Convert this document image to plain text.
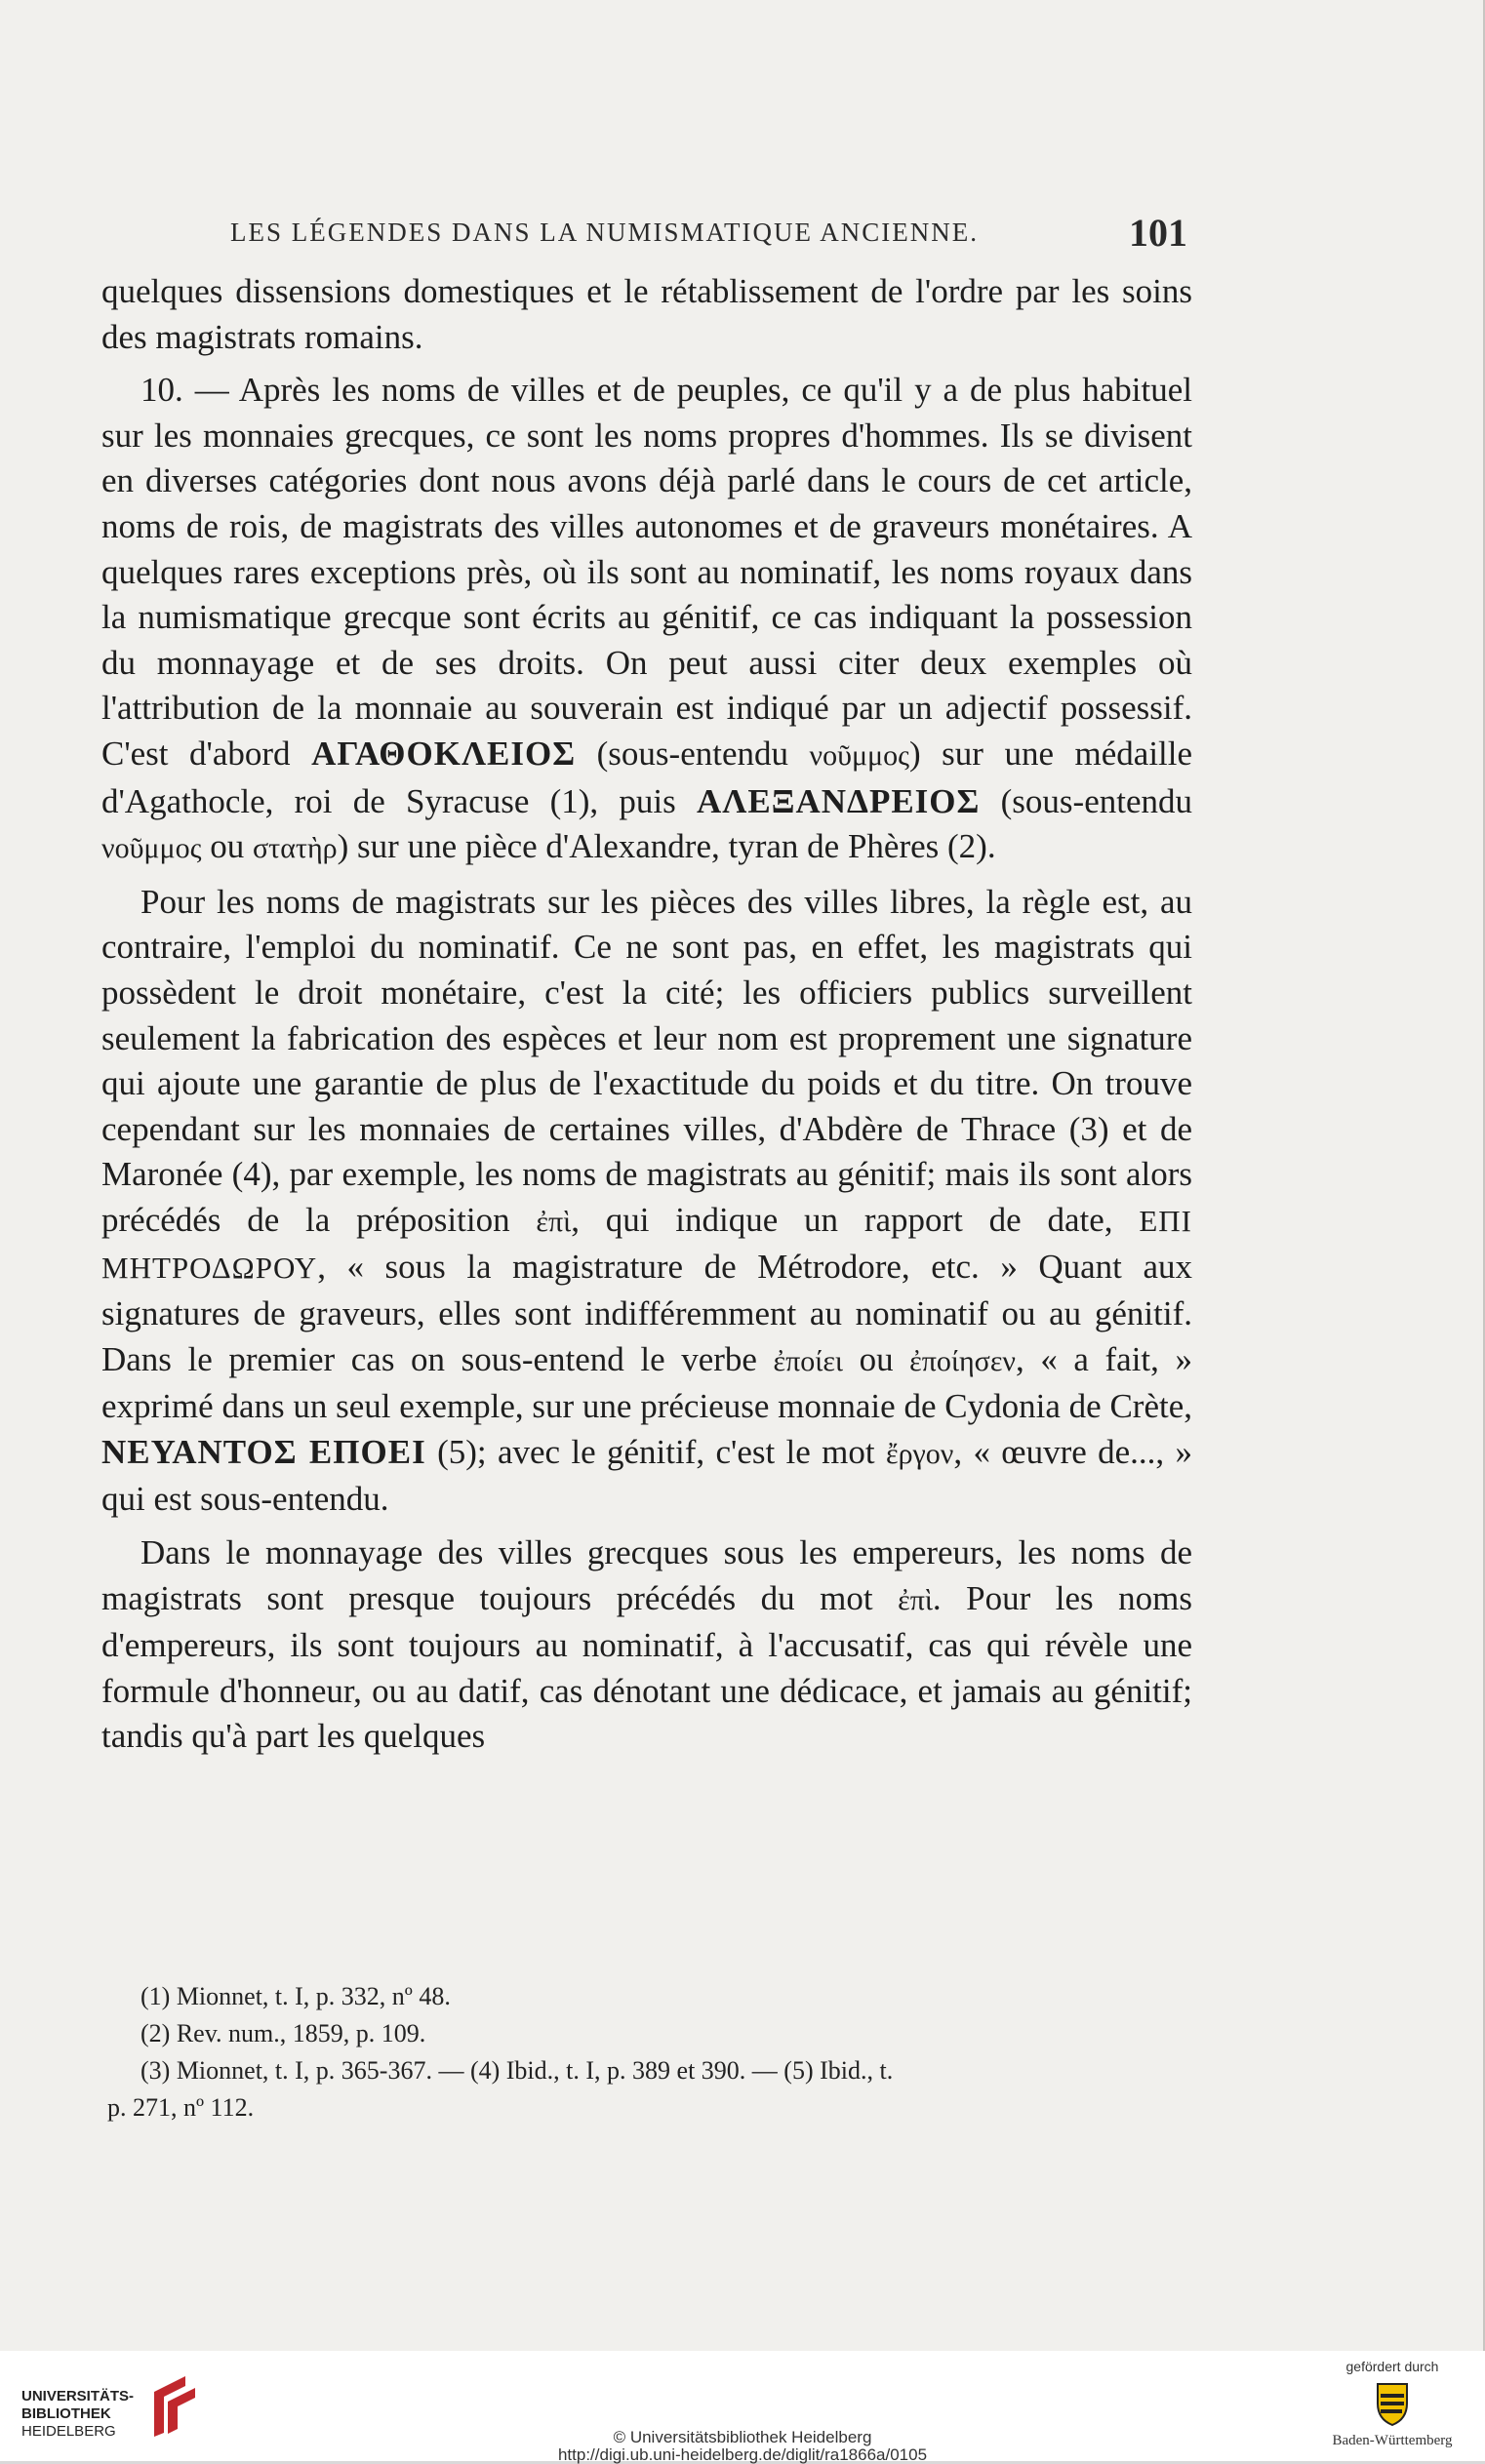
LES LÉGENDES DANS LA NUMISMATIQUE ANCIENNE.	101

quelques dissensions domestiques et le rétablissement de l'ordre par les soins des magistrats romains.

10. — Après les noms de villes et de peuples, ce qu'il y a de plus habituel sur les monnaies grecques, ce sont les noms propres d'hommes. Ils se divisent en diverses catégories dont nous avons déjà parlé dans le cours de cet article, noms de rois, de magistrats des villes autonomes et de graveurs monétaires. A quelques rares exceptions près, où ils sont au nominatif, les noms royaux dans la numismatique grecque sont écrits au génitif, ce cas indiquant la possession du monnayage et de ses droits. On peut aussi citer deux exemples où l'attribution de la monnaie au souverain est indiqué par un adjectif possessif. C'est d'abord ΑΓΑΘΟΚΛΕΙΟΣ (sous-entendu νοῦμμος) sur une médaille d'Agathocle, roi de Syracuse (1), puis ΑΛΕΞΑΝΔΡΕΙΟΣ (sous-entendu νοῦμμος ou στατὴρ) sur une pièce d'Alexandre, tyran de Phères (2).

Pour les noms de magistrats sur les pièces des villes libres, la règle est, au contraire, l'emploi du nominatif. Ce ne sont pas, en effet, les magistrats qui possèdent le droit monétaire, c'est la cité; les officiers publics surveillent seulement la fabrication des espèces et leur nom est proprement une signature qui ajoute une garantie de plus de l'exactitude du poids et du titre. On trouve cependant sur les monnaies de certaines villes, d'Abdère de Thrace (3) et de Maronée (4), par exemple, les noms de magistrats au génitif; mais ils sont alors précédés de la préposition ἐπὶ, qui indique un rapport de date, ΕΠΙ ΜΗΤΡΟΔΩΡΟΥ, « sous la magistrature de Métrodore, etc. » Quant aux signatures de graveurs, elles sont indifféremment au nominatif ou au génitif. Dans le premier cas on sous-entend le verbe ἐποίει ou ἐποίησεν, « a fait, » exprimé dans un seul exemple, sur une précieuse monnaie de Cydonia de Crète, ΝΕΥΑΝΤΟΣ ΕΠΟΕΙ (5); avec le génitif, c'est le mot ἔργον, « œuvre de..., » qui est sous-entendu.

Dans le monnayage des villes grecques sous les empereurs, les noms de magistrats sont presque toujours précédés du mot ἐπὶ. Pour les noms d'empereurs, ils sont toujours au nominatif, à l'accusatif, cas qui révèle une formule d'honneur, ou au datif, cas dénotant une dédicace, et jamais au génitif; tandis qu'à part les quelques

(1) Mionnet, t. I, p. 332, nº 48.
(2) Rev. num., 1859, p. 109.
(3) Mionnet, t. I, p. 365-367. — (4) Ibid., t. I, p. 389 et 390. — (5) Ibid., t.
p. 271, nº 112.
UNIVERSITÄTS-
BIBLIOTHEK
HEIDELBERG	© Universitätsbibliothek Heidelberg
http://digi.ub.uni-heidelberg.de/diglit/ra1866a/0105
gefördert durch
Baden-Württemberg
